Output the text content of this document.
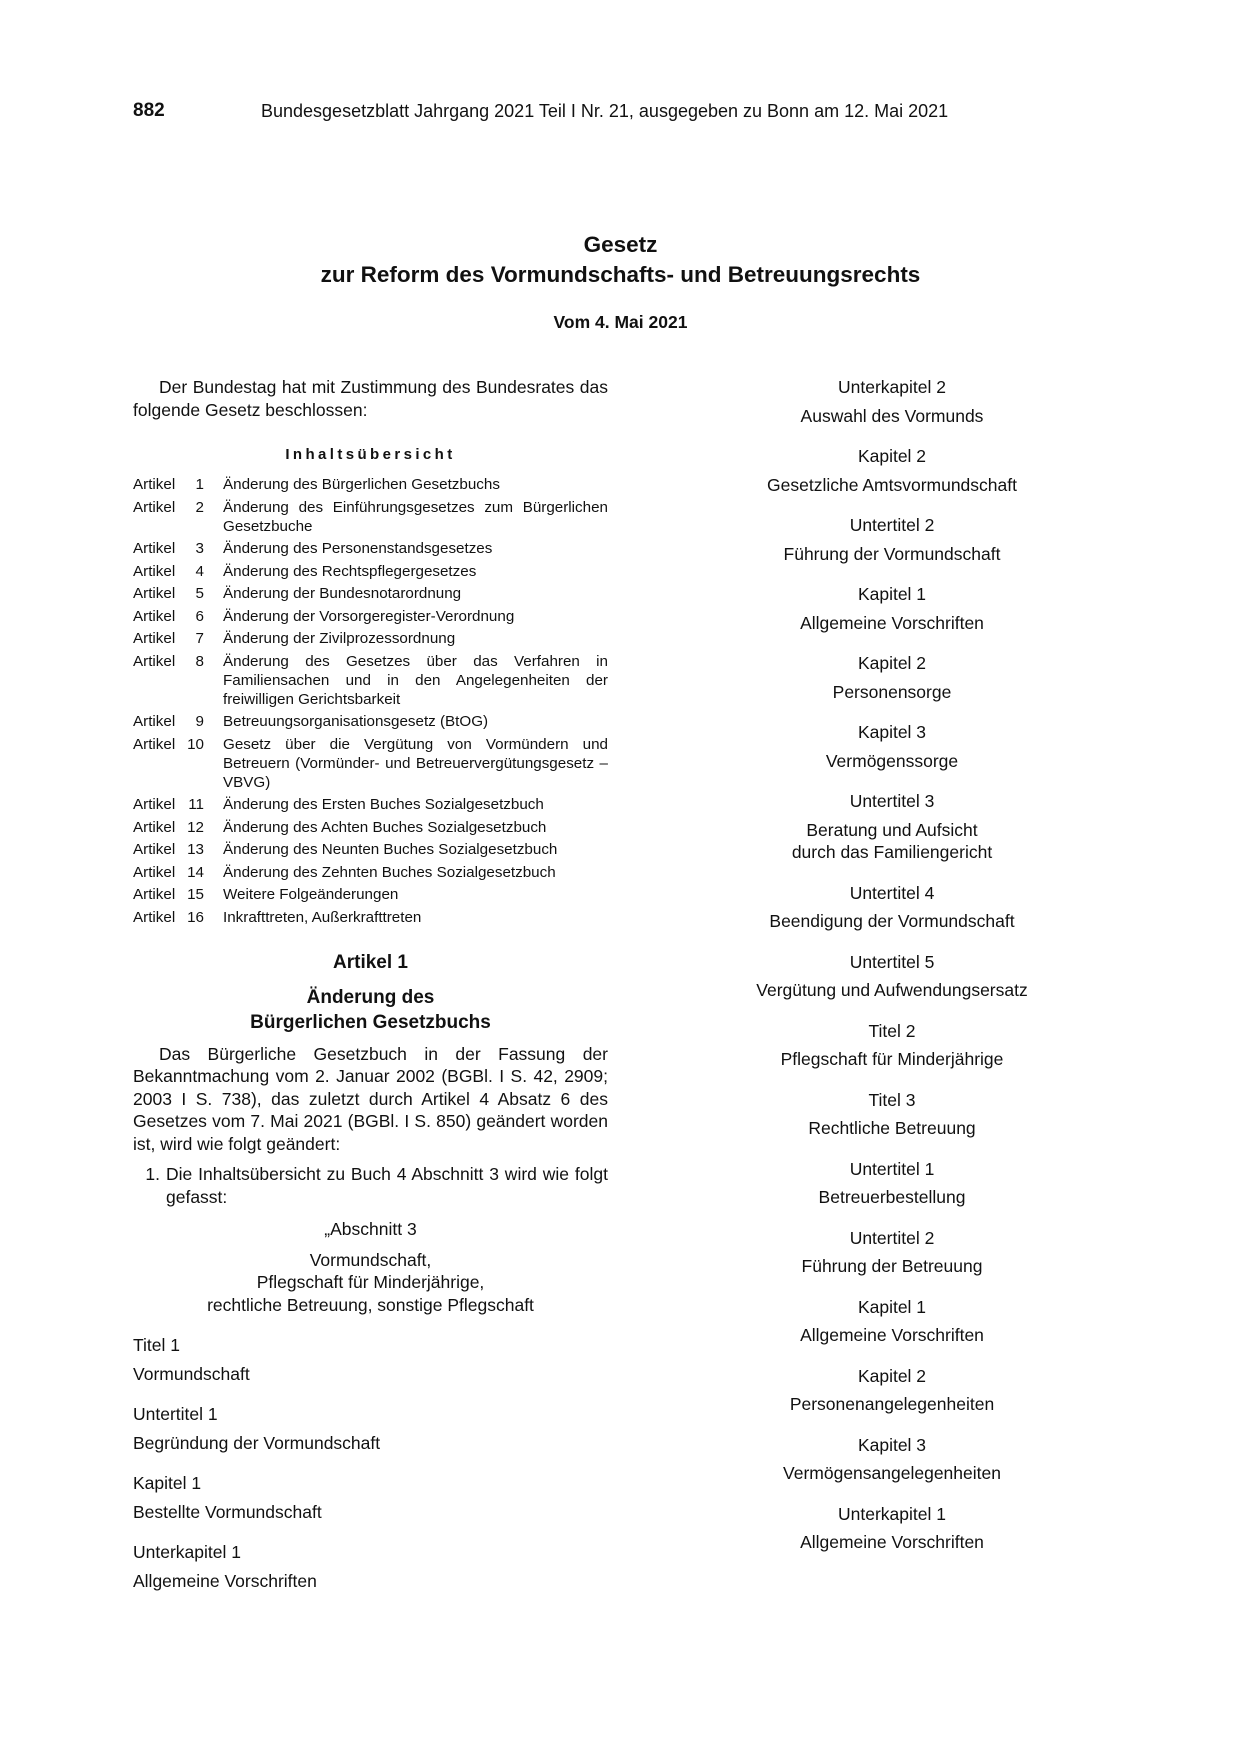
882	Bundesgesetzblatt Jahrgang 2021 Teil I Nr. 21, ausgegeben zu Bonn am 12. Mai 2021
Gesetz
zur Reform des Vormundschafts- und Betreuungsrechts
Vom 4. Mai 2021

Der Bundestag hat mit Zustimmung des Bundesrates das folgende Gesetz beschlossen:

Inhaltsübersicht
Artikel	1 Änderung des Bürgerlichen Gesetzbuchs
Artikel	2 Änderung des Einführungsgesetzes zum Bürgerlichen Gesetzbuche
Artikel	3 Änderung des Personenstandsgesetzes
Artikel	4 Änderung des Rechtspflegergesetzes
Artikel	5 Änderung der Bundesnotarordnung
Artikel	6 Änderung der Vorsorgeregister-Verordnung
Artikel	7 Änderung der Zivilprozessordnung
Artikel	8 Änderung des Gesetzes über das Verfahren in Familiensachen und in den Angelegenheiten der freiwilligen Gerichtsbarkeit
Artikel	9 Betreuungsorganisationsgesetz (BtOG)
Artikel 10 Gesetz über die Vergütung von Vormündern und Betreuern (Vormünder- und Betreuervergütungsgesetz – VBVG)
Artikel 11 Änderung des Ersten Buches Sozialgesetzbuch
Artikel 12 Änderung des Achten Buches Sozialgesetzbuch
Artikel 13 Änderung des Neunten Buches Sozialgesetzbuch
Artikel 14 Änderung des Zehnten Buches Sozialgesetzbuch
Artikel 15 Weitere Folgeänderungen
Artikel 16 Inkrafttreten, Außerkrafttreten
Artikel 1
Änderung des
Bürgerlichen Gesetzbuchs

Das Bürgerliche Gesetzbuch in der Fassung der Bekanntmachung vom 2. Januar 2002 (BGBl. I S. 42, 2909; 2003 I S. 738), das zuletzt durch Artikel 4 Absatz 6 des Gesetzes vom 7. Mai 2021 (BGBl. I S. 850) geändert worden ist, wird wie folgt geändert:

1. Die Inhaltsübersicht zu Buch 4 Abschnitt 3 wird wie folgt gefasst:
„Abschnitt 3
Vormundschaft,
Pflegschaft für Minderjährige,
rechtliche Betreuung, sonstige Pflegschaft
Titel 1
Vormundschaft
Untertitel 1
Begründung der Vormundschaft
Kapitel 1
Bestellte Vormundschaft
Unterkapitel 1
Allgemeine Vorschriften
Unterkapitel 2
Auswahl des Vormunds
Kapitel 2
Gesetzliche Amtsvormundschaft
Untertitel 2
Führung der Vormundschaft
Kapitel 1
Allgemeine Vorschriften
Kapitel 2
Personensorge
Kapitel 3
Vermögenssorge
Untertitel 3
Beratung und Aufsicht
durch das Familiengericht
Untertitel 4
Beendigung der Vormundschaft
Untertitel 5
Vergütung und Aufwendungsersatz
Titel 2
Pflegschaft für Minderjährige
Titel 3
Rechtliche Betreuung
Untertitel 1
Betreuerbestellung
Untertitel 2
Führung der Betreuung
Kapitel 1
Allgemeine Vorschriften
Kapitel 2
Personenangelegenheiten
Kapitel 3
Vermögensangelegenheiten
Unterkapitel 1
Allgemeine Vorschriften
